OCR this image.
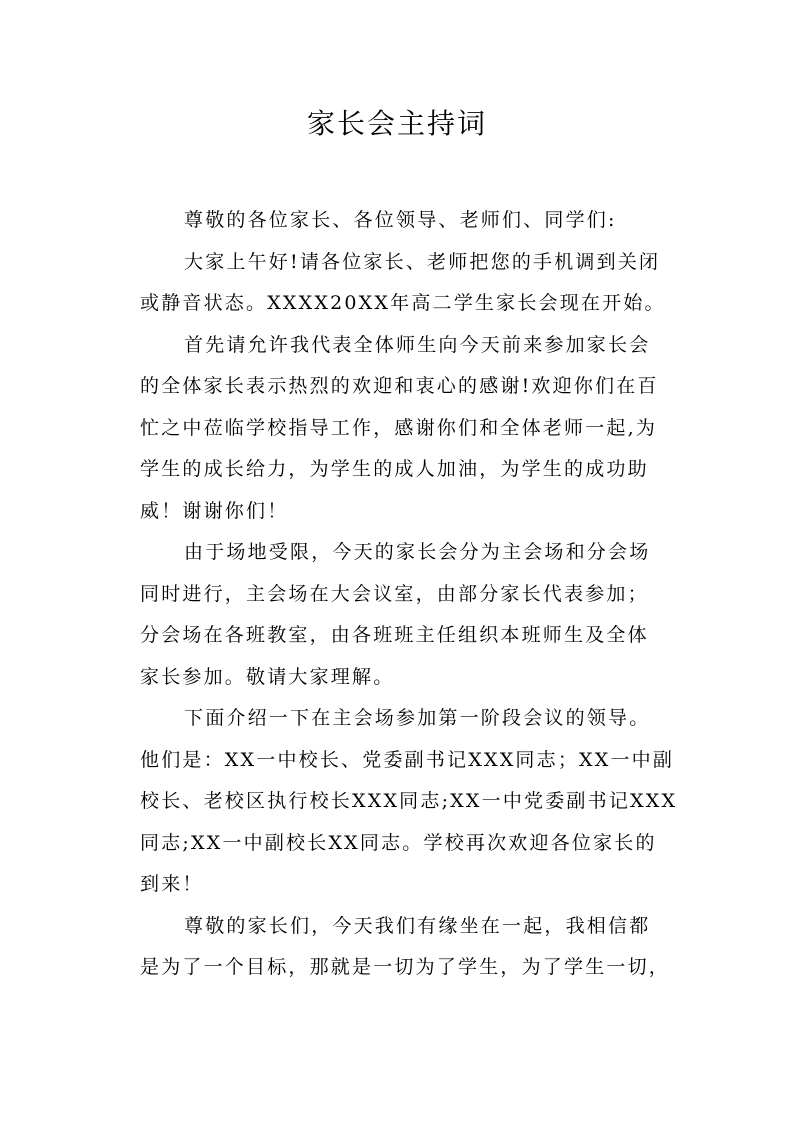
家长会主持词
尊敬的各位家长、各位领导、老师们、同学们:
大家上午好!请各位家长、老师把您的手机调到关闭
或静音状态。XXXX20XX年高二学生家长会现在开始。
首先请允许我代表全体师生向今天前来参加家长会
的全体家长表示热烈的欢迎和衷心的感谢!欢迎你们在百
忙之中莅临学校指导工作，感谢你们和全体老师一起,为
学生的成长给力，为学生的成人加油，为学生的成功助
威！谢谢你们！
由于场地受限，今天的家长会分为主会场和分会场
同时进行，主会场在大会议室，由部分家长代表参加；
分会场在各班教室，由各班班主任组织本班师生及全体
家长参加。敬请大家理解。
下面介绍一下在主会场参加第一阶段会议的领导。
他们是：XX一中校长、党委副书记XXX同志；XX一中副
校长、老校区执行校长XXX同志;XX一中党委副书记XXX
同志;XX一中副校长XX同志。学校再次欢迎各位家长的
到来！
尊敬的家长们，今天我们有缘坐在一起，我相信都
是为了一个目标，那就是一切为了学生，为了学生一切，
